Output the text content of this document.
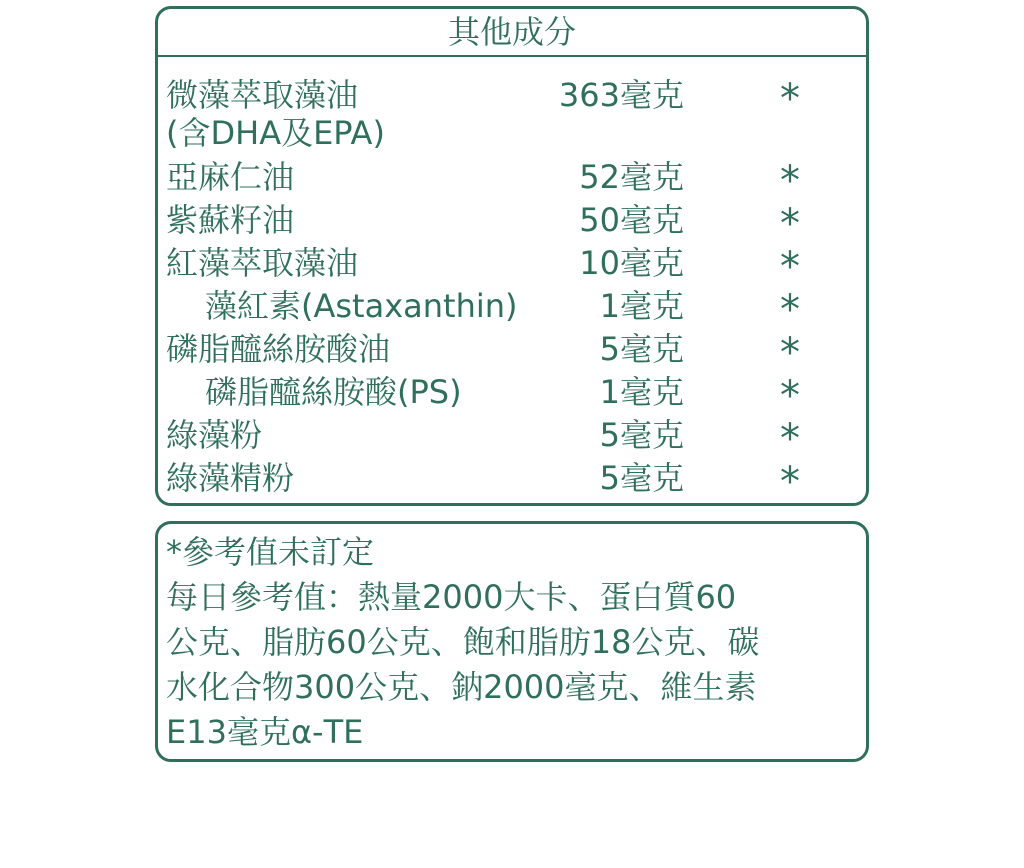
其他成分
微藻萃取藻油	363毫克 *
(含DHA及EPA)
亞麻仁油	52毫克 *
紫蘇籽油	50毫克 *
紅藻萃取藻油	10毫克 *
藻紅素(Astaxanthin)	1毫克 *
磷脂醯絲胺酸油	5毫克 *
磷脂醯絲胺酸(PS)	1毫克 *
綠藻粉	5毫克 *
綠藻精粉	5毫克 *

*參考值未訂定

每日參考值：熱量2000大卡、蛋白質60

公克、脂肪60公克、飽和脂肪18公克、碳

水化合物300公克、鈉2000毫克、維生素

E13毫克α-TE
